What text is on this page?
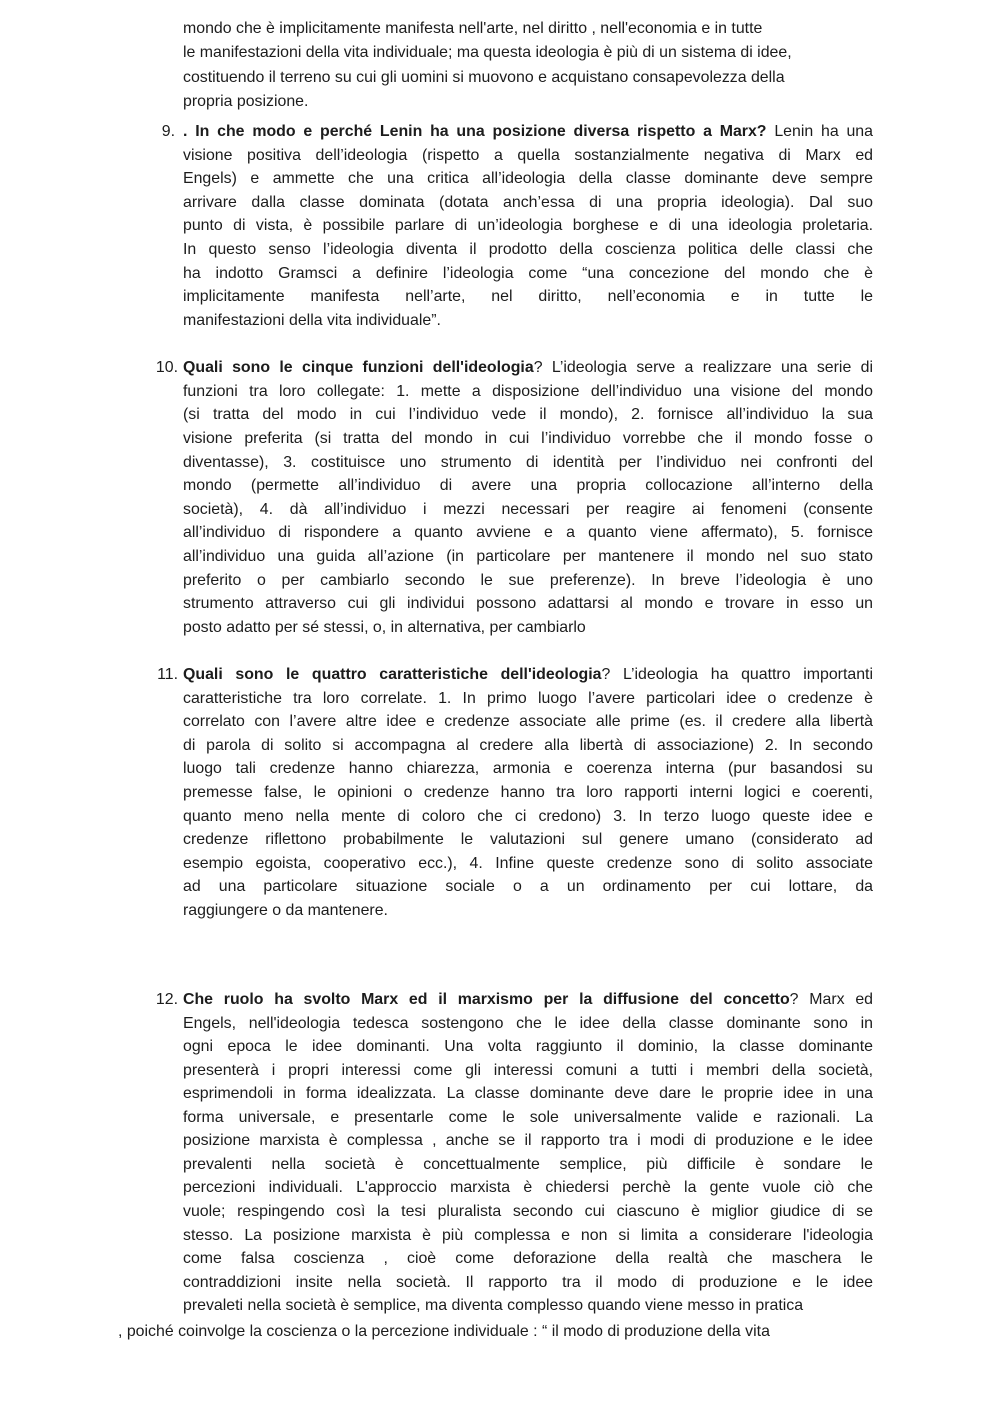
mondo che è implicitamente manifesta nell'arte, nel diritto , nell'economia e in tutte
le manifestazioni della vita individuale; ma questa ideologia è più di un sistema di idee,
costituendo il terreno su cui gli uomini si muovono e acquistano consapevolezza della
propria posizione.
9. . In che modo e perché Lenin ha una posizione diversa rispetto a Marx? Lenin ha una
visione positiva dell’ideologia (rispetto a quella sostanzialmente negativa di Marx ed
Engels) e ammette che una critica all’ideologia della classe dominante deve sempre
arrivare dalla classe dominata (dotata anch’essa di una propria ideologia). Dal suo
punto di vista, è possibile parlare di un’ideologia borghese e di una ideologia proletaria.
In questo senso l’ideologia diventa il prodotto della coscienza politica delle classi che
ha indotto Gramsci a definire l’ideologia come “una concezione del mondo che è
implicitamente manifesta nell’arte, nel diritto, nell’economia e in tutte le
manifestazioni della vita individuale”.
10. Quali sono le cinque funzioni dell'ideologia? L’ideologia serve a realizzare una serie di
funzioni tra loro collegate: 1. mette a disposizione dell’individuo una visione del mondo
(si tratta del modo in cui l’individuo vede il mondo), 2. fornisce all’individuo la sua
visione preferita (si tratta del mondo in cui l’individuo vorrebbe che il mondo fosse o
diventasse), 3. costituisce uno strumento di identità per l’individuo nei confronti del
mondo (permette all’individuo di avere una propria collocazione all’interno della
società), 4. dà all’individuo i mezzi necessari per reagire ai fenomeni (consente
all’individuo di rispondere a quanto avviene e a quanto viene affermato), 5. fornisce
all’individuo una guida all’azione (in particolare per mantenere il mondo nel suo stato
preferito o per cambiarlo secondo le sue preferenze). In breve l’ideologia è uno
strumento attraverso cui gli individui possono adattarsi al mondo e trovare in esso un
posto adatto per sé stessi, o, in alternativa, per cambiarlo
11. Quali sono le quattro caratteristiche dell'ideologia? L’ideologia ha quattro importanti
caratteristiche tra loro correlate. 1. In primo luogo l’avere particolari idee o credenze è
correlato con l’avere altre idee e credenze associate alle prime (es. il credere alla libertà
di parola di solito si accompagna al credere alla libertà di associazione) 2. In secondo
luogo tali credenze hanno chiarezza, armonia e coerenza interna (pur basandosi su
premesse false, le opinioni o credenze hanno tra loro rapporti interni logici e coerenti,
quanto meno nella mente di coloro che ci credono) 3. In terzo luogo queste idee e
credenze riflettono probabilmente le valutazioni sul genere umano (considerato ad
esempio egoista, cooperativo ecc.), 4. Infine queste credenze sono di solito associate
ad una particolare situazione sociale o a un ordinamento per cui lottare, da
raggiungere o da mantenere.
12. Che ruolo ha svolto Marx ed il marxismo per la diffusione del concetto? Marx ed
Engels, nell'ideologia tedesca sostengono che le idee della classe dominante sono in
ogni epoca le idee dominanti. Una volta raggiunto il dominio, la classe dominante
presenterà i propri interessi come gli interessi comuni a tutti i membri della società,
esprimendoli in forma idealizzata. La classe dominante deve dare le proprie idee in una
forma universale, e presentarle come le sole universalmente valide e razionali. La
posizione marxista è complessa , anche se il rapporto tra i modi di produzione e le idee
prevalenti nella società è concettualmente semplice, più difficile è sondare le
percezioni individuali. L'approccio marxista è chiedersi perchè la gente vuole ciò che
vuole; respingendo così la tesi pluralista secondo cui ciascuno è miglior giudice di se
stesso. La posizione marxista è più complessa e non si limita a considerare l'ideologia
come falsa coscienza , cioè come deforazione della realtà che maschera le
contraddizioni insite nella società. Il rapporto tra il modo di produzione e le idee
prevaleti nella società è semplice, ma diventa complesso quando viene messo in pratica
, poiché coinvolge la coscienza o la percezione individuale : “ il modo di produzione della vita
